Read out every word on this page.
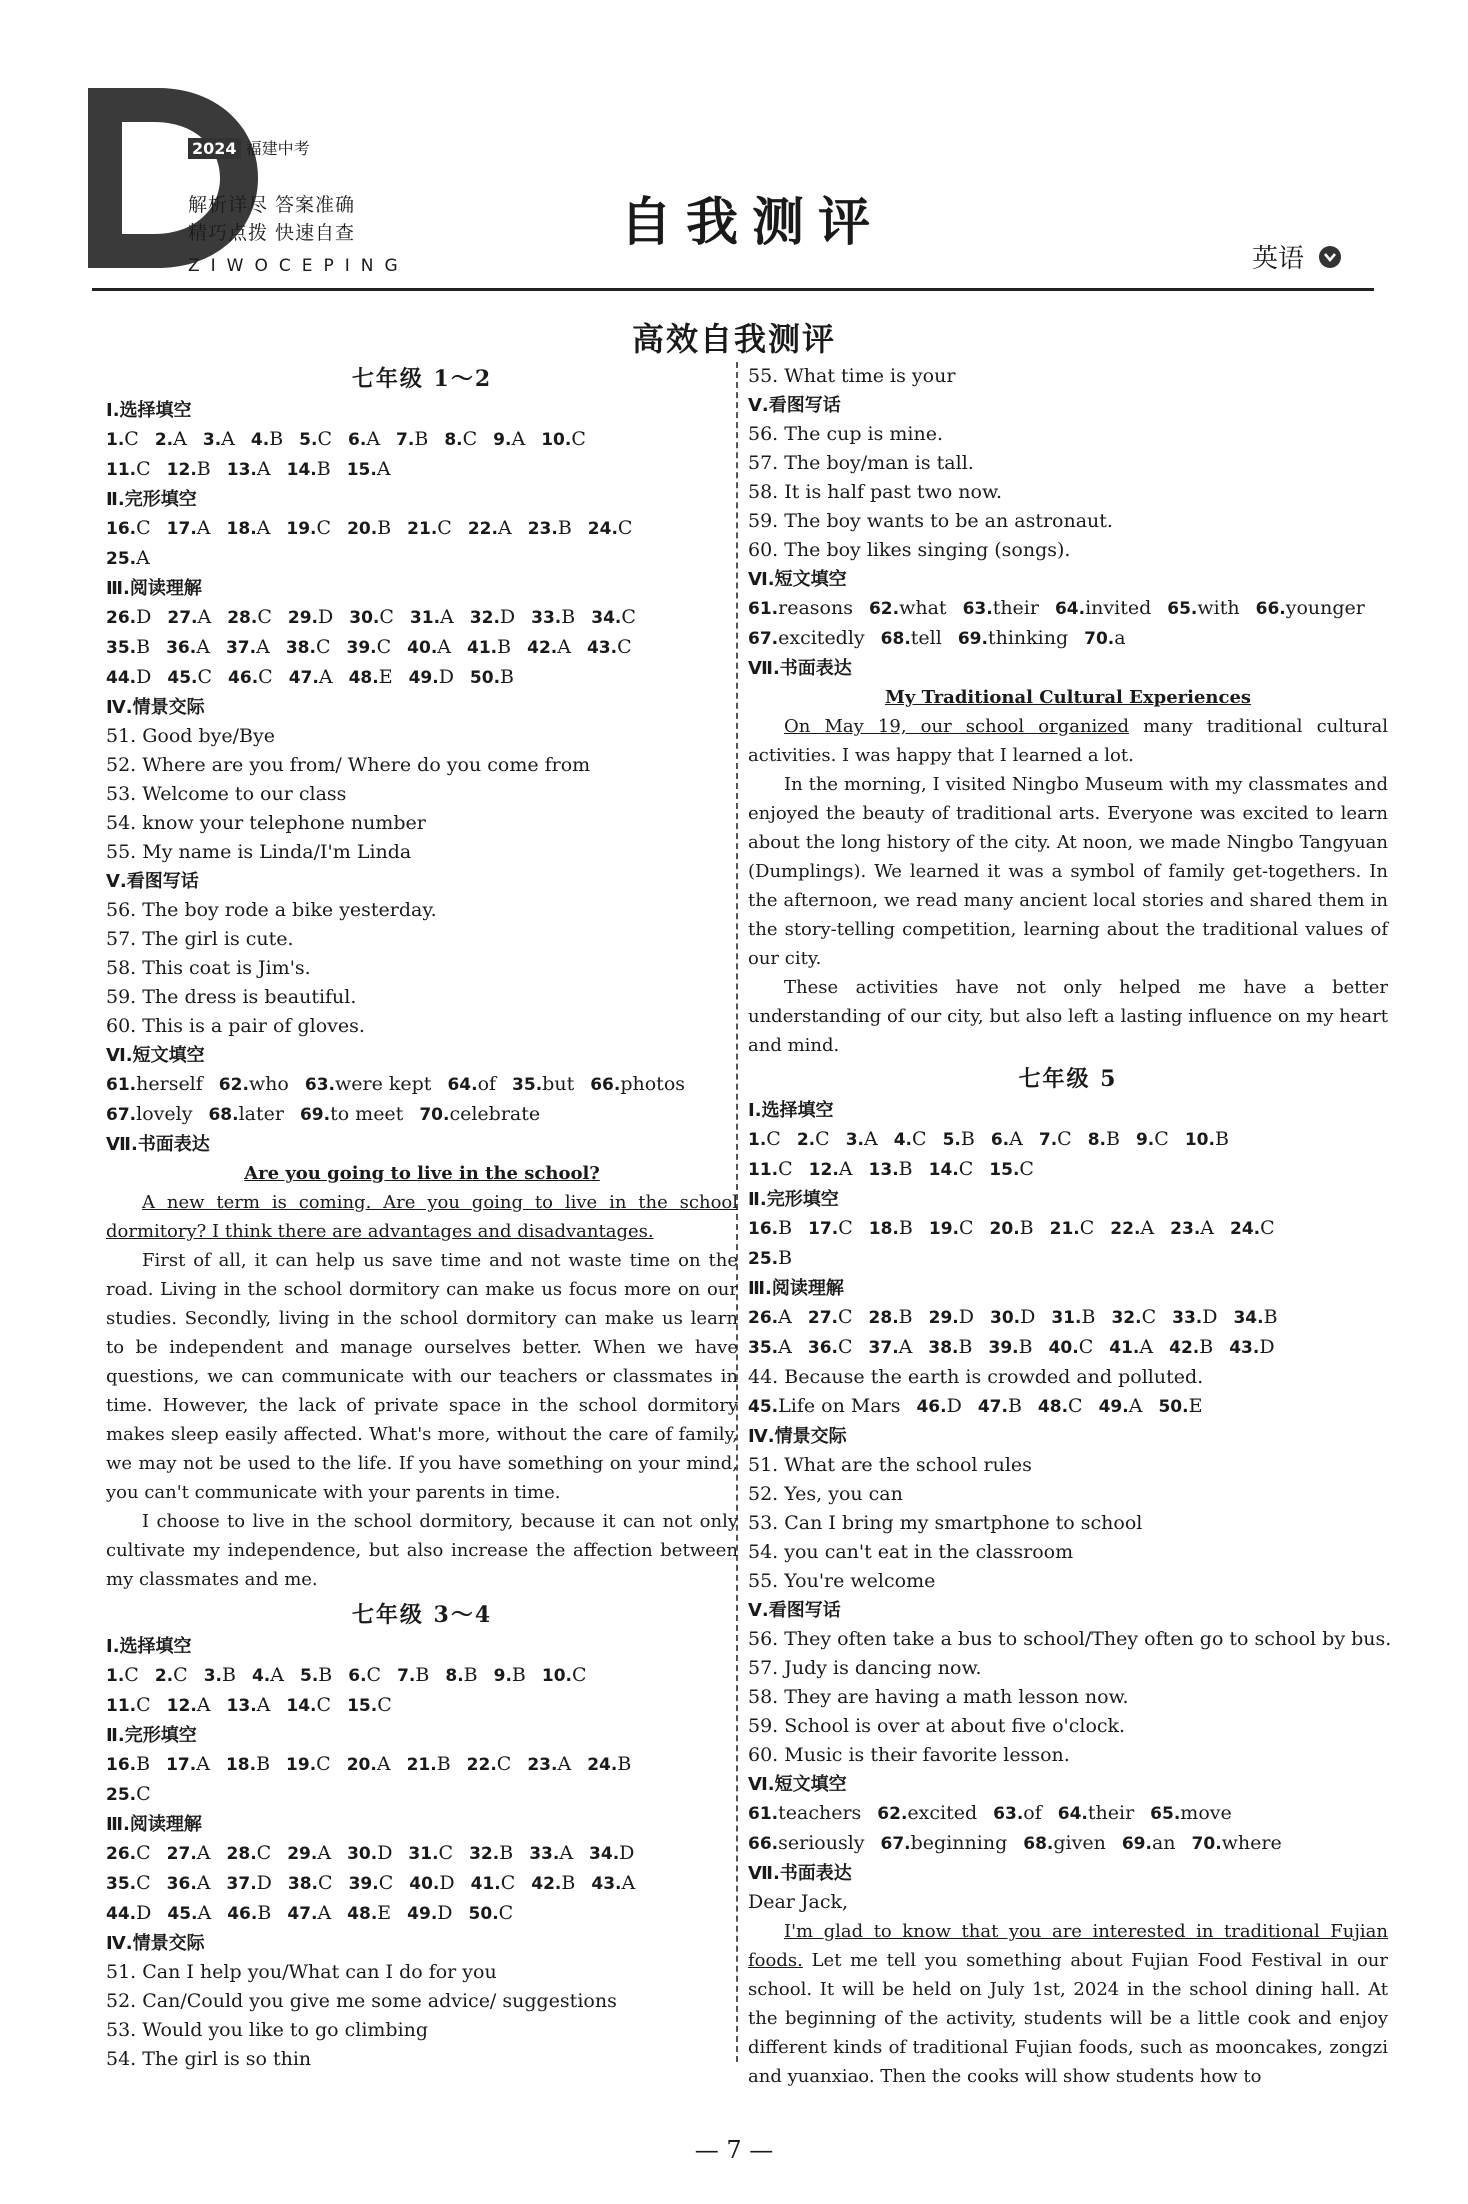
2024 福建中考
解析详尽 答案准确
精巧点拨 快速自查
ZIWOCEPING
自我测评
英语
高效自我测评
七年级 1～2
Ⅰ.选择填空
1.C 2.A 3.A 4.B 5.C 6.A 7.B 8.C 9.A 10.C
11.C 12.B 13.A 14.B 15.A
Ⅱ.完形填空
16.C 17.A 18.A 19.C 20.B 21.C 22.A 23.B 24.C
25.A
Ⅲ.阅读理解
26.D 27.A 28.C 29.D 30.C 31.A 32.D 33.B 34.C
35.B 36.A 37.A 38.C 39.C 40.A 41.B 42.A 43.C
44.D 45.C 46.C 47.A 48.E 49.D 50.B
Ⅳ.情景交际
51. Good bye/Bye
52. Where are you from/ Where do you come from
53. Welcome to our class
54. know your telephone number
55. My name is Linda/I'm Linda
Ⅴ.看图写话
56. The boy rode a bike yesterday.
57. The girl is cute.
58. This coat is Jim's.
59. The dress is beautiful.
60. This is a pair of gloves.
Ⅵ.短文填空
61.herself 62.who 63.were kept 64.of 35.but 66.photos
67.lovely 68.later 69.to meet 70.celebrate
Ⅶ.书面表达
Are you going to live in the school?

A new term is coming. Are you going to live in the school dormitory? I think there are advantages and disadvantages.

First of all, it can help us save time and not waste time on the road. Living in the school dormitory can make us focus more on our studies. Secondly, living in the school dormitory can make us learn to be independent and manage ourselves better. When we have questions, we can communicate with our teachers or classmates in time. However, the lack of private space in the school dormitory makes sleep easily affected. What's more, without the care of family, we may not be used to the life. If you have something on your mind, you can't communicate with your parents in time.

I choose to live in the school dormitory, because it can not only cultivate my independence, but also increase the affection between my classmates and me.

七年级 3～4
Ⅰ.选择填空
1.C 2.C 3.B 4.A 5.B 6.C 7.B 8.B 9.B 10.C
11.C 12.A 13.A 14.C 15.C
Ⅱ.完形填空
16.B 17.A 18.B 19.C 20.A 21.B 22.C 23.A 24.B
25.C
Ⅲ.阅读理解
26.C 27.A 28.C 29.A 30.D 31.C 32.B 33.A 34.D
35.C 36.A 37.D 38.C 39.C 40.D 41.C 42.B 43.A
44.D 45.A 46.B 47.A 48.E 49.D 50.C
Ⅳ.情景交际
51. Can I help you/What can I do for you
52. Can/Could you give me some advice/ suggestions
53. Would you like to go climbing
54. The girl is so thin
55. What time is your
Ⅴ.看图写话
56. The cup is mine.
57. The boy/man is tall.
58. It is half past two now.
59. The boy wants to be an astronaut.
60. The boy likes singing (songs).
Ⅵ.短文填空
61.reasons 62.what 63.their 64.invited 65.with 66.younger
67.excitedly 68.tell 69.thinking 70.a
Ⅶ.书面表达
My Traditional Cultural Experiences

On May 19, our school organized many traditional cultural activities. I was happy that I learned a lot.

In the morning, I visited Ningbo Museum with my classmates and enjoyed the beauty of traditional arts. Everyone was excited to learn about the long history of the city. At noon, we made Ningbo Tangyuan (Dumplings). We learned it was a symbol of family get-togethers. In the afternoon, we read many ancient local stories and shared them in the story-telling competition, learning about the traditional values of our city.

These activities have not only helped me have a better understanding of our city, but also left a lasting influence on my heart and mind.

七年级 5
Ⅰ.选择填空
1.C 2.C 3.A 4.C 5.B 6.A 7.C 8.B 9.C 10.B
11.C 12.A 13.B 14.C 15.C
Ⅱ.完形填空
16.B 17.C 18.B 19.C 20.B 21.C 22.A 23.A 24.C
25.B
Ⅲ.阅读理解
26.A 27.C 28.B 29.D 30.D 31.B 32.C 33.D 34.B
35.A 36.C 37.A 38.B 39.B 40.C 41.A 42.B 43.D
44. Because the earth is crowded and polluted.
45.Life on Mars 46.D 47.B 48.C 49.A 50.E
Ⅳ.情景交际
51. What are the school rules
52. Yes, you can
53. Can I bring my smartphone to school
54. you can't eat in the classroom
55. You're welcome
Ⅴ.看图写话
56. They often take a bus to school/They often go to school by bus.
57. Judy is dancing now.
58. They are having a math lesson now.
59. School is over at about five o'clock.
60. Music is their favorite lesson.
Ⅵ.短文填空
61.teachers 62.excited 63.of 64.their 65.move
66.seriously 67.beginning 68.given 69.an 70.where
Ⅶ.书面表达
Dear Jack,

I'm glad to know that you are interested in traditional Fujian foods. Let me tell you something about Fujian Food Festival in our school. It will be held on July 1st, 2024 in the school dining hall. At the beginning of the activity, students will be a little cook and enjoy different kinds of traditional Fujian foods, such as mooncakes, zongzi and yuanxiao. Then the cooks will show students how to

— 7 —
